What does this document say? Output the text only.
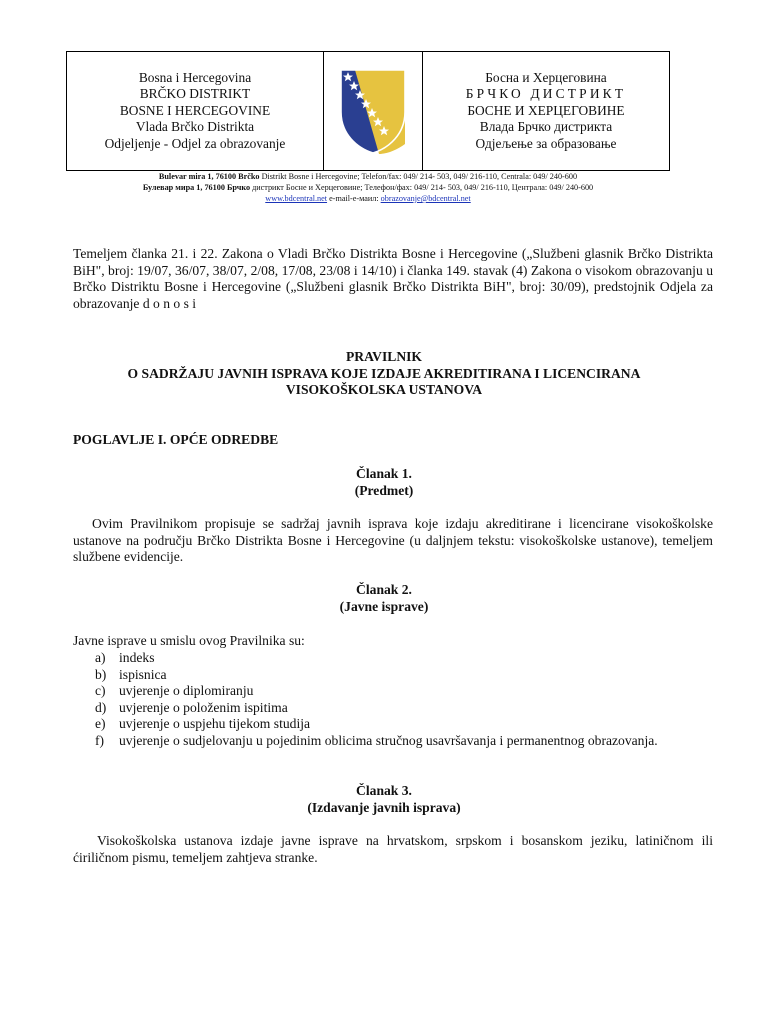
Bosna i Hercegovina
BRČKO DISTRIKT
BOSNE I HERCEGOVINE
Vlada Brčko Distrikta
Odjeljenje - Odjel za obrazovanje
Босна и Херцеговина
БРЧКО ДИСТРИКТ
БОСНЕ И ХЕРЦЕГОВИНЕ
Влада Брчко дистрикта
Одјељење за образовање
Bulevar mira 1, 76100 Brčko Distrikt Bosne i Hercegovine; Telefon/fax: 049/ 214- 503, 049/ 216-110, Centrala: 049/ 240-600
Булевар мира 1, 76100 Брчко дистрикт Босне и Херцеговине; Телефон/фах: 049/ 214- 503, 049/ 216-110, Централа: 049/ 240-600
www.bdcentral.net e-mail-е-маил: obrazovanje@bdcentral.net
Temeljem članka 21. i 22. Zakona o Vladi Brčko Distrikta Bosne i Hercegovine („Službeni glasnik Brčko Distrikta BiH", broj: 19/07, 36/07, 38/07, 2/08, 17/08, 23/08 i 14/10) i članka 149. stavak (4) Zakona o visokom obrazovanju u Brčko Distriktu Bosne i Hercegovine („Službeni glasnik Brčko Distrikta BiH", broj: 30/09), predstojnik Odjela za obrazovanje d o n o s i
PRAVILNIK
O SADRŽAJU JAVNIH ISPRAVA KOJE IZDAJE AKREDITIRANA I LICENCIRANA
VISOKOŠKOLSKA USTANOVA
POGLAVLJE I. OPĆE ODREDBE
Članak 1.
(Predmet)
Ovim Pravilnikom propisuje se sadržaj javnih isprava koje izdaju akreditirane i licencirane visokoškolske ustanove na području Brčko Distrikta Bosne i Hercegovine (u daljnjem tekstu: visokoškolske ustanove), temeljem službene evidencije.
Članak 2.
(Javne isprave)
Javne isprave u smislu ovog Pravilnika su:
a) indeks
b) ispisnica
c) uvjerenje o diplomiranju
d) uvjerenje o položenim ispitima
e) uvjerenje o uspjehu tijekom studija
f)	uvjerenje o sudjelovanju u pojedinim oblicima stručnog usavršavanja i permanentnog obrazovanja.
Članak 3.
(Izdavanje javnih isprava)
Visokoškolska ustanova izdaje javne isprave na hrvatskom, srpskom i bosanskom jeziku, latiničnom ili ćiriličnom pismu, temeljem zahtjeva stranke.
